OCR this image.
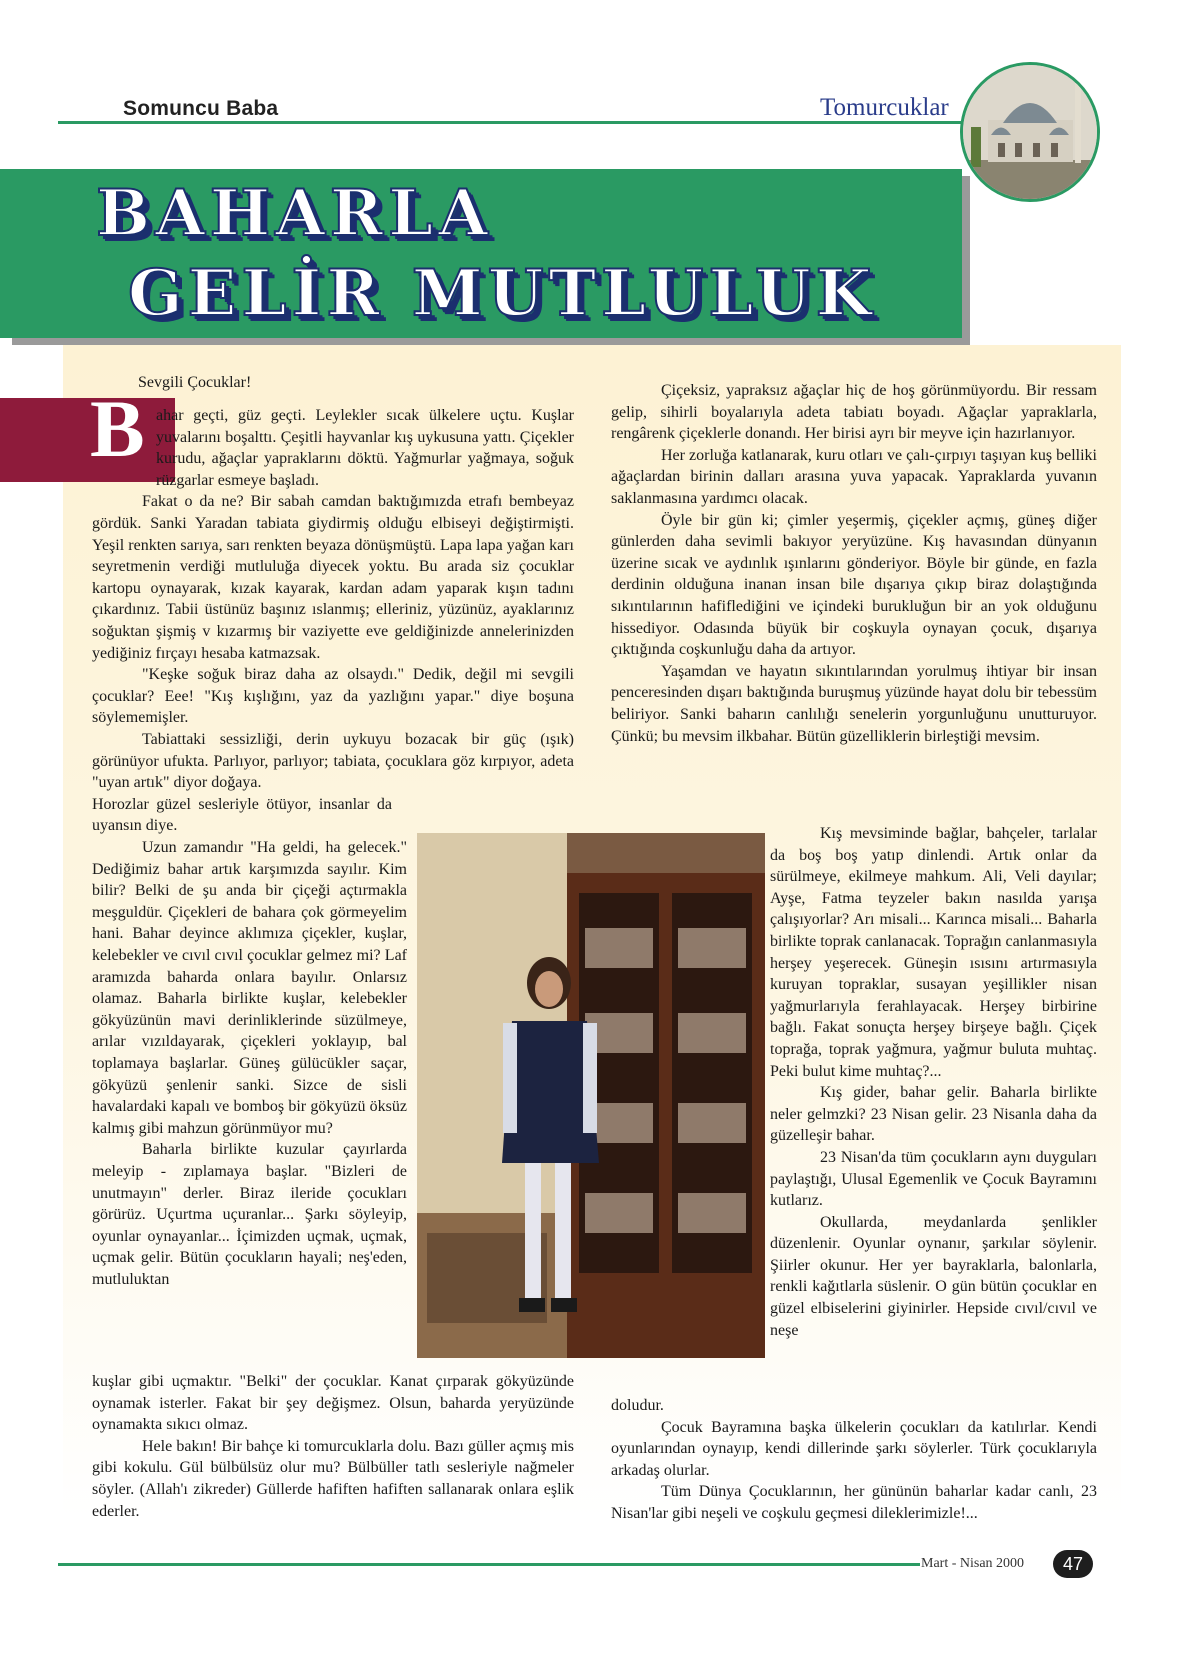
Somuncu Baba	Tomurcuklar
BAHARLA
GELİR MUTLULUK
B
Sevgili Çocuklar!

ahar geçti, güz geçti. Leylekler sıcak ülkelere uçtu. Kuşlar yuvalarını boşalttı. Çeşitli hayvanlar kış uykusuna yattı. Çiçekler kurudu, ağaçlar yapraklarını döktü. Yağmurlar yağmaya, soğuk rüzgarlar esmeye başladı.

Fakat o da ne? Bir sabah camdan baktığımızda etrafı bembeyaz gördük. Sanki Yaradan tabiata giydirmiş olduğu elbiseyi değiştirmişti. Yeşil renkten sarıya, sarı renkten beyaza dönüşmüştü. Lapa lapa yağan karı seyretmenin verdiği mutluluğa diyecek yoktu. Bu arada siz çocuklar kartopu oynayarak, kızak kayarak, kardan adam yaparak kışın tadını çıkardınız. Tabii üstünüz başınız ıslanmış; elleriniz, yüzünüz, ayaklarınız soğuktan şişmiş v kızarmış bir vaziyette eve geldiğinizde annelerinizden yediğiniz fırçayı hesaba katmazsak.

"Keşke soğuk biraz daha az olsaydı." Dedik, değil mi sevgili çocuklar? Eee! "Kış kışlığını, yaz da yazlığını yapar." diye boşuna söylememişler.

Tabiattaki sessizliği, derin uykuyu bozacak bir güç (ışık) görünüyor ufukta. Parlıyor, parlıyor; tabiata, çocuklara göz kırpıyor, adeta "uyan artık" diyor doğaya.

Horozlar güzel sesleriyle ötüyor, insanlar da uyansın diye.

Uzun zamandır "Ha geldi, ha gelecek." Dediğimiz bahar artık karşımızda sayılır. Kim bilir? Belki de şu anda bir çiçeği açtırmakla meşguldür. Çiçekleri de bahara çok görmeyelim hani. Bahar deyince aklımıza çiçekler, kuşlar, kelebekler ve cıvıl cıvıl çocuklar gelmez mi? Laf aramızda baharda onlara bayılır. Onlarsız olamaz. Baharla birlikte kuşlar, kelebekler gökyüzünün mavi derinliklerinde süzülmeye, arılar vızıldayarak, çiçekleri yoklayıp, bal toplamaya başlarlar. Güneş gülücükler saçar, gökyüzü şenlenir sanki. Sizce de sisli havalardaki kapalı ve bomboş bir gökyüzü öksüz kalmış gibi mahzun görünmüyor mu?

Baharla birlikte kuzular çayırlarda meleyip - zıplamaya başlar. "Bizleri de unutmayın" derler. Biraz ileride çocukları görürüz. Uçurtma uçuranlar... Şarkı söyleyip, oyunlar oynayanlar... İçimizden uçmak, uçmak, uçmak gelir. Bütün çocukların hayali; neş'eden, mutluluktan

kuşlar gibi uçmaktır. "Belki" der çocuklar. Kanat çırparak gökyüzünde oynamak isterler. Fakat bir şey değişmez. Olsun, baharda yeryüzünde oynamakta sıkıcı olmaz.

Hele bakın! Bir bahçe ki tomurcuklarla dolu. Bazı güller açmış mis gibi kokulu. Gül bülbülsüz olur mu? Bülbüller tatlı sesleriyle nağmeler söyler. (Allah'ı zikreder) Güllerde hafiften hafiften sallanarak onlara eşlik ederler.

Çiçeksiz, yapraksız ağaçlar hiç de hoş görünmüyordu. Bir ressam gelip, sihirli boyalarıyla adeta tabiatı boyadı. Ağaçlar yapraklarla, rengârenk çiçeklerle donandı. Her birisi ayrı bir meyve için hazırlanıyor.

Her zorluğa katlanarak, kuru otları ve çalı-çırpıyı taşıyan kuş belliki ağaçlardan birinin dalları arasına yuva yapacak. Yapraklarda yuvanın saklanmasına yardımcı olacak.

Öyle bir gün ki; çimler yeşermiş, çiçekler açmış, güneş diğer günlerden daha sevimli bakıyor yeryüzüne. Kış havasından dünyanın üzerine sıcak ve aydınlık ışınlarını gönderiyor. Böyle bir günde, en fazla derdinin olduğuna inanan insan bile dışarıya çıkıp biraz dolaştığında sıkıntılarının hafiflediğini ve içindeki burukluğun bir an yok olduğunu hissediyor. Odasında büyük bir coşkuyla oynayan çocuk, dışarıya çıktığında coşkunluğu daha da artıyor.

Yaşamdan ve hayatın sıkıntılarından yorulmuş ihtiyar bir insan penceresinden dışarı baktığında buruşmuş yüzünde hayat dolu bir tebessüm beliriyor. Sanki baharın canlılığı senelerin yorgunluğunu unutturuyor. Çünkü; bu mevsim ilkbahar. Bütün güzelliklerin birleştiği mevsim.

Kış mevsiminde bağlar, bahçeler, tarlalar da boş boş yatıp dinlendi. Artık onlar da sürülmeye, ekilmeye mahkum. Ali, Veli dayılar; Ayşe, Fatma teyzeler bakın nasılda yarışa çalışıyorlar? Arı misali... Karınca misali... Baharla birlikte toprak canlanacak. Toprağın canlanmasıyla herşey yeşerecek. Güneşin ısısını artırmasıyla kuruyan topraklar, susayan yeşillikler nisan yağmurlarıyla ferahlayacak. Herşey birbirine bağlı. Fakat sonuçta herşey birşeye bağlı. Çiçek toprağa, toprak yağmura, yağmur buluta muhtaç. Peki bulut kime muhtaç?...

Kış gider, bahar gelir. Baharla birlikte neler gelmzki? 23 Nisan gelir. 23 Nisanla daha da güzelleşir bahar.

23 Nisan'da tüm çocukların aynı duyguları paylaştığı, Ulusal Egemenlik ve Çocuk Bayramını kutlarız.

Okullarda, meydanlarda şenlikler düzenlenir. Oyunlar oynanır, şarkılar söylenir. Şiirler okunur. Her yer bayraklarla, balonlarla, renkli kağıtlarla süslenir. O gün bütün çocuklar en güzel elbiselerini giyinirler. Hepside cıvıl/cıvıl ve neşe

doludur.

Çocuk Bayramına başka ülkelerin çocukları da katılırlar. Kendi oyunlarından oynayıp, kendi dillerinde şarkı söylerler. Türk çocuklarıyla arkadaş olurlar.

Tüm Dünya Çocuklarının, her gününün baharlar kadar canlı, 23 Nisan'lar gibi neşeli ve coşkulu geçmesi dileklerimizle!...

Mart - Nisan 2000	47
